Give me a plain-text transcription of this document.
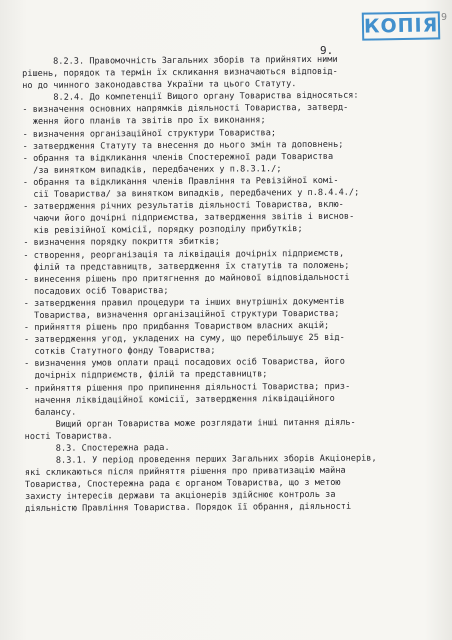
КОПІЯ 9
9.
8.2.3. Правомочність Загальних зборів та прийнятих ними
рішень, порядок та термін їх скликання визначаються відповід-
но до чинного законодавства України та цього Статуту.
8.2.4. До компетенції Вищого органу Товариства відносяться:
- визначення основних напрямків діяльності Товариства, затверд-
ження його планів та звітів про їх виконання;
- визначення організаційної структури Товариства;
- затвердження Статуту та внесення до нього змін та доповнень;
- обрання та відкликання членів Спостережної ради Товариства
/за винятком випадків, передбачених у п.8.3.1./;
- обрання та відкликання членів Правління та Ревізійної комі-
сії Товариства/ за винятком випадків, передбачених у п.8.4.4./;
- затвердження річних результатів діяльності Товариства, вклю-
чаючи його дочірні підприємства, затвердження звітів і виснов-
ків ревізійної комісії, порядку розподілу прибутків;
- визначення порядку покриття збитків;
- створення, реорганізація та ліквідація дочірніх підприємств,
філій та представництв, затвердження їх статутів та положень;
- винесення рішень про притягнення до майнової відповідальності
посадових осіб Товариства;
- затвердження правил процедури та інших внутрішніх документів
Товариства, визначення організаційної структури Товариства;
- прийняття рішень про придбання Товариством власних акцій;
- затвердження угод, укладених на суму, що перебільшує 25 від-
сотків Статутного фонду Товариства;
- визначення умов оплати праці посадових осіб Товариства, його
дочірніх підприємств, філій та представництв;
- прийняття рішення про припинення діяльності Товариства; приз-
начення ліквідаційної комісії, затвердження ліквідаційного
балансу.
Вищий орган Товариства може розглядати інші питання діяль-
ності Товариства.
8.3. Спостережна рада.
8.3.1. У період проведення перших Загальних зборів Акціонерів,
які скликаються після прийняття рішення про приватизацію майна
Товариства, Спостережна рада є органом Товариства, що з метою
захисту інтересів держави та акціонерів здійснює контроль за
діяльністю Правління Товариства. Порядок її обрання, діяльності
